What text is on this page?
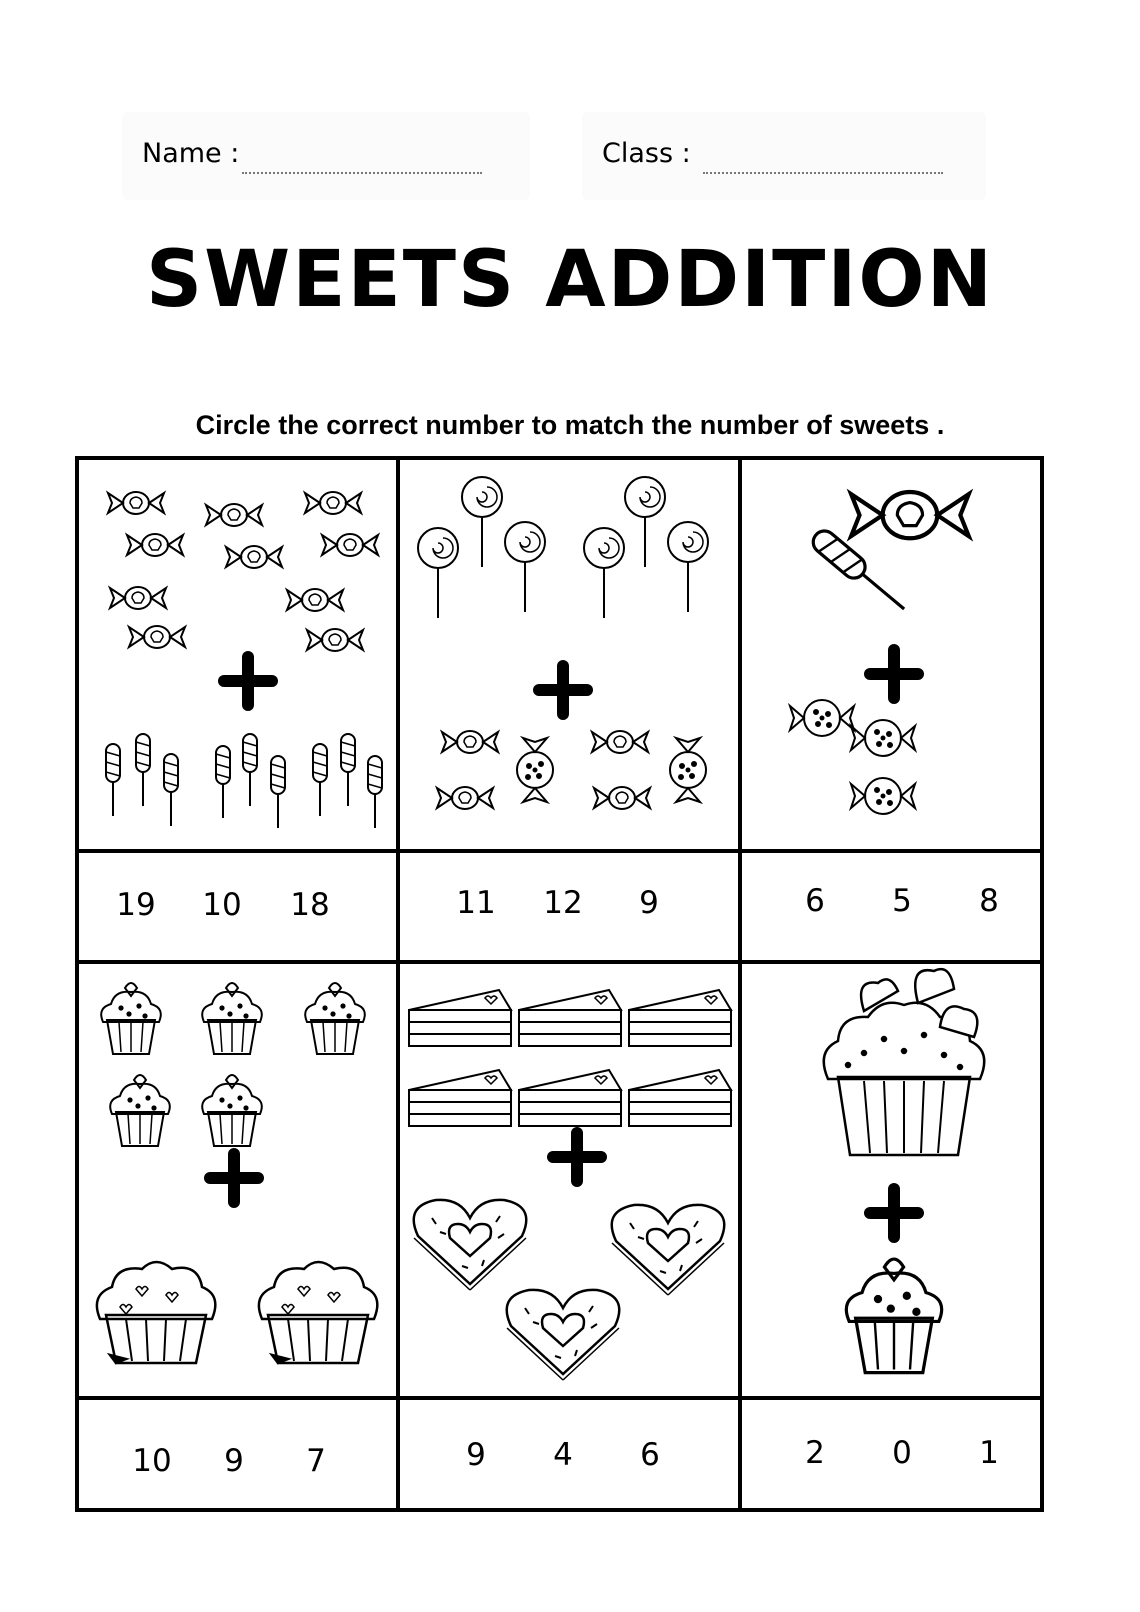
Name :	Class :
SWEETS ADDITION
Circle the correct number to match the number of sweets .
19	10	18	11	12	9	6	5	8
10	9	7	9	4	6	2	0	1
